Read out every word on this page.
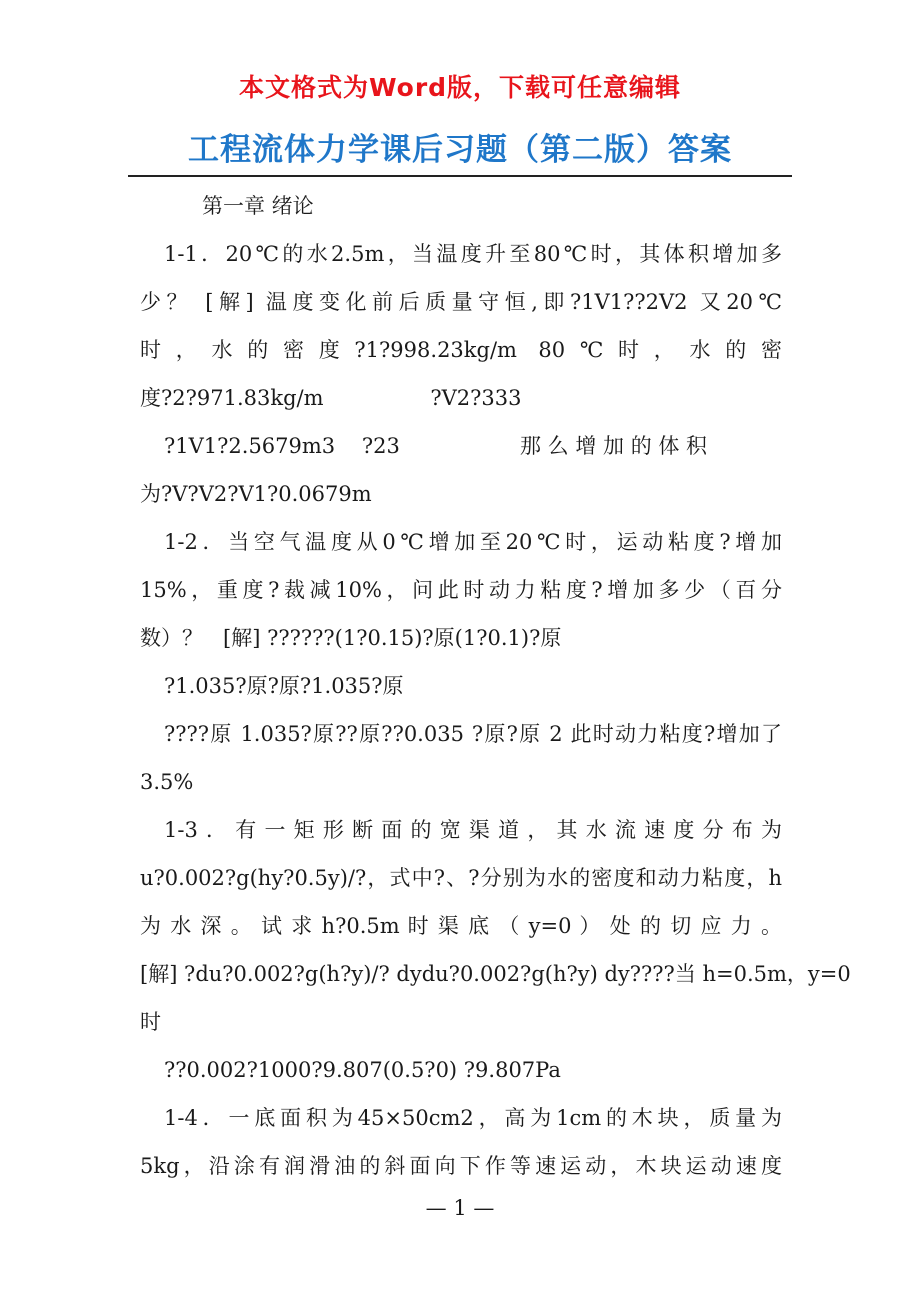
本文格式为Word版，下载可任意编辑
工程流体力学课后习题（第二版）答案
第一章 绪论
1-1．20℃的水2.5m，当温度升至80℃时，其体积增加多
少？ [解] 温度变化前后质量守恒,即?1V1??2V2 又20℃
时，水的密度?1?998.23kg/m 80℃时，水的密
度?2?971.83kg/m                ?V2?333
?1V1?2.5679m3    ?23                  那 么 增 加 的 体 积
为?V?V2?V1?0.0679m
1-2．当空气温度从0℃增加至20℃时，运动粘度?增加
15%，重度?裁减10%，问此时动力粘度?增加多少（百分
数）？   [解] ??????(1?0.15)?原(1?0.1)?原
?1.035?原?原?1.035?原
????原 1.035?原??原??0.035 ?原?原 2 此时动力粘度?增加了
3.5%
1-3．有一矩形断面的宽渠道，其水流速度分布为
u?0.002?g(hy?0.5y)/?，式中?、?分别为水的密度和动力粘度，h
为 水 深 。 试 求 h?0.5m 时 渠 底 （ y=0 ） 处 的 切 应 力 。
[解] ?du?0.002?g(h?y)/? dydu?0.002?g(h?y) dy????当 h=0.5m，y=0
时
??0.002?1000?9.807(0.5?0) ?9.807Pa
1-4．一底面积为45×50cm2，高为1cm的木块，质量为
5kg，沿涂有润滑油的斜面向下作等速运动，木块运动速度
— 1 —
